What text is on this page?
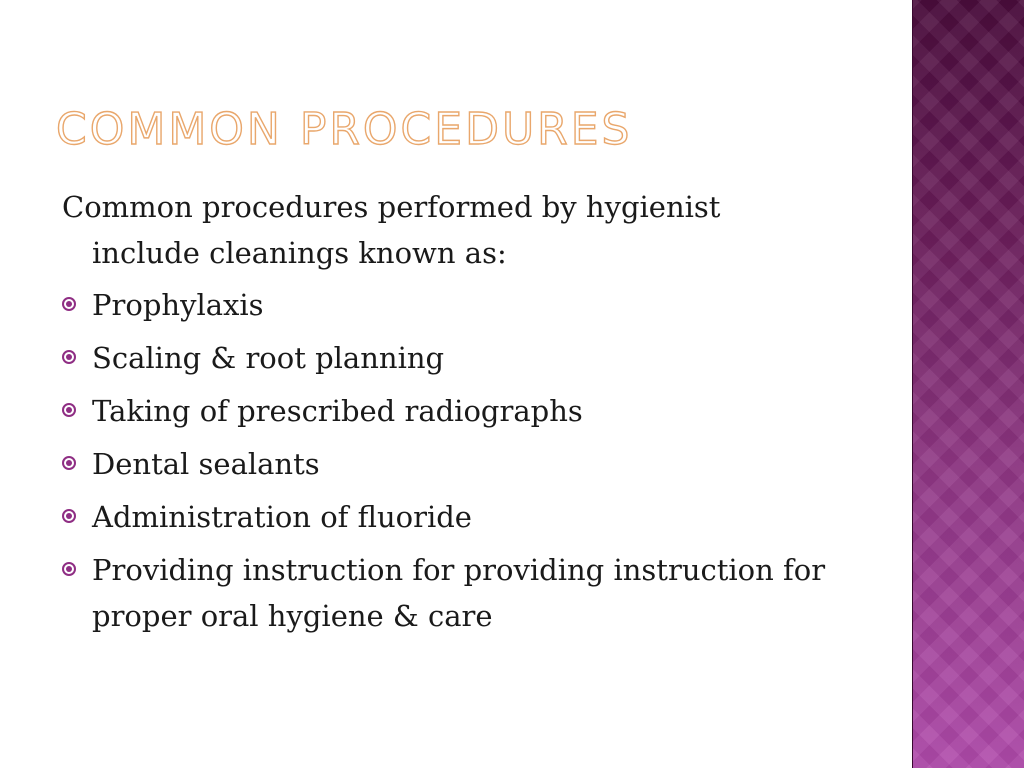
COMMON PROCEDURES

Common procedures performed by hygienist include cleanings known as:

Prophylaxis
Scaling & root planning
Taking of prescribed radiographs
Dental sealants
Administration of fluoride
Providing instruction for providing instruction for proper oral hygiene & care
